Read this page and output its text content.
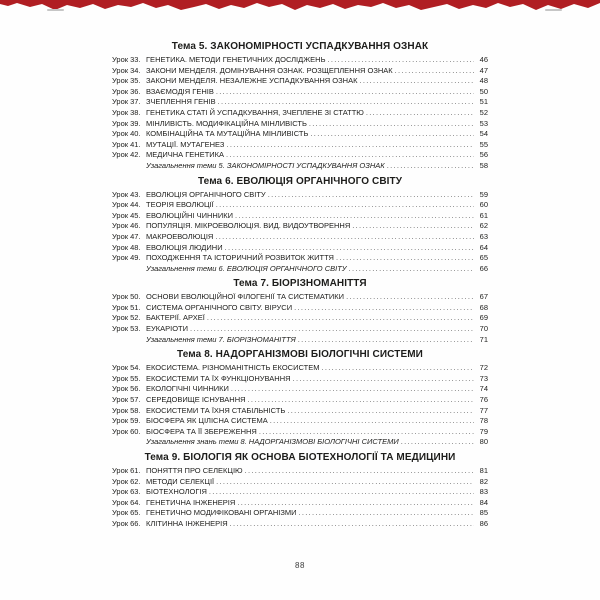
Тема 5. ЗАКОНОМІРНОСТІ УСПАДКУВАННЯ ОЗНАК
Урок 33. ГЕНЕТИКА. МЕТОДИ ГЕНЕТИЧНИХ ДОСЛІДЖЕНЬ .....	46
Урок 34. ЗАКОНИ МЕНДЕЛЯ. ДОМІНУВАННЯ ОЗНАК. РОЗЩЕПЛЕННЯ ОЗНАК .....	47
Урок 35. ЗАКОНИ МЕНДЕЛЯ. НЕЗАЛЕЖНЕ УСПАДКУВАННЯ ОЗНАК .....	48
Урок 36. ВЗАЄМОДІЯ ГЕНІВ .....	50
Урок 37. ЗЧЕПЛЕННЯ ГЕНІВ .....	51
Урок 38. ГЕНЕТИКА СТАТІ Й УСПАДКУВАННЯ, ЗЧЕПЛЕНЕ ЗІ СТАТТЮ .....	52
Урок 39. МІНЛИВІСТЬ. МОДИФІКАЦІЙНА МІНЛИВІСТЬ .....	53
Урок 40. КОМБІНАЦІЙНА ТА МУТАЦІЙНА МІНЛИВІСТЬ .....	54
Урок 41. МУТАЦІЇ. МУТАГЕНЕЗ .....	55
Урок 42. МЕДИЧНА ГЕНЕТИКА .....	56
Узагальнення теми 5. ЗАКОНОМІРНОСТІ УСПАДКУВАННЯ ОЗНАК .....	58
Тема 6. ЕВОЛЮЦІЯ ОРГАНІЧНОГО СВІТУ
Урок 43. ЕВОЛЮЦІЯ ОРГАНІЧНОГО СВІТУ .....	59
Урок 44. ТЕОРІЯ ЕВОЛЮЦІЇ .....	60
Урок 45. ЕВОЛЮЦІЙНІ ЧИННИКИ .....	61
Урок 46. ПОПУЛЯЦІЯ. МІКРОЕВОЛЮЦІЯ. ВИД. ВИДОУТВОРЕННЯ .....	62
Урок 47. МАКРОЕВОЛЮЦІЯ .....	63
Урок 48. ЕВОЛЮЦІЯ ЛЮДИНИ .....	64
Урок 49. ПОХОДЖЕННЯ ТА ІСТОРИЧНИЙ РОЗВИТОК ЖИТТЯ .....	65
Узагальнення теми 6. ЕВОЛЮЦІЯ ОРГАНІЧНОГО СВІТУ .....	66
Тема 7. БІОРІЗНОМАНІТТЯ
Урок 50. ОСНОВИ ЕВОЛЮЦІЙНОЇ ФІЛОГЕНІЇ ТА СИСТЕМАТИКИ .....	67
Урок 51. СИСТЕМА ОРГАНІЧНОГО СВІТУ. ВІРУСИ .....	68
Урок 52. БАКТЕРІЇ. АРХЕЇ .....	69
Урок 53. ЕУКАРІОТИ .....	70
Узагальнення теми 7. БІОРІЗНОМАНІТТЯ .....	71
Тема 8. НАДОРГАНІЗМОВІ БІОЛОГІЧНІ СИСТЕМИ
Урок 54. ЕКОСИСТЕМА. РІЗНОМАНІТНІСТЬ ЕКОСИСТЕМ .....	72
Урок 55. ЕКОСИСТЕМИ ТА ЇХ ФУНКЦІОНУВАННЯ .....	73
Урок 56. ЕКОЛОГІЧНІ ЧИННИКИ .....	74
Урок 57. СЕРЕДОВИЩЕ ІСНУВАННЯ .....	76
Урок 58. ЕКОСИСТЕМИ ТА ЇХНЯ СТАБІЛЬНІСТЬ .....	77
Урок 59. БІОСФЕРА ЯК ЦІЛІСНА СИСТЕМА .....	78
Урок 60. БІОСФЕРА ТА ЇЇ ЗБЕРЕЖЕННЯ .....	79
Узагальнення знань теми 8. НАДОРГАНІЗМОВІ БІОЛОГІЧНІ СИСТЕМИ .....	80
Тема 9. БІОЛОГІЯ ЯК ОСНОВА БІОТЕХНОЛОГІЇ ТА МЕДИЦИНИ
Урок 61. ПОНЯТТЯ ПРО СЕЛЕКЦІЮ .....	81
Урок 62. МЕТОДИ СЕЛЕКЦІЇ .....	82
Урок 63. БІОТЕХНОЛОГІЯ .....	83
Урок 64. ГЕНЕТИЧНА ІНЖЕНЕРІЯ .....	84
Урок 65. ГЕНЕТИЧНО МОДИФІКОВАНІ ОРГАНІЗМИ .....	85
Урок 66. КЛІТИННА ІНЖЕНЕРІЯ .....	86
88
